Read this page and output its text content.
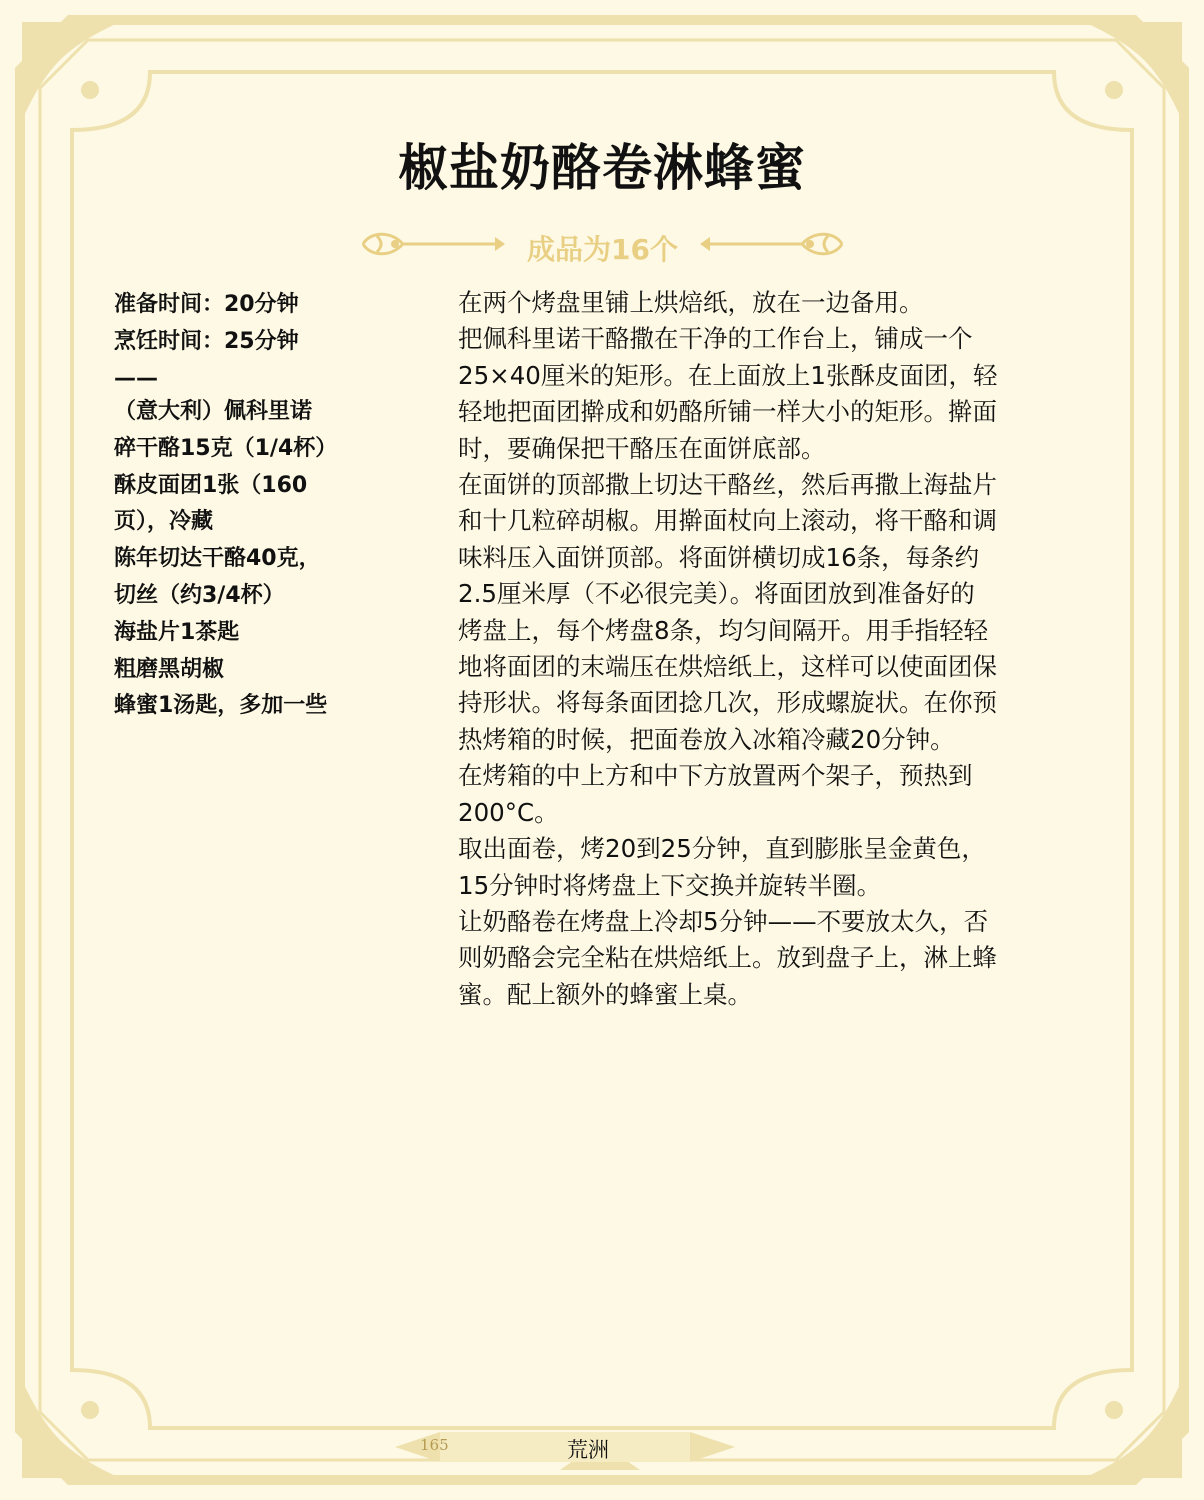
椒盐奶酪卷淋蜂蜜
成品为16个
准备时间：20分钟
烹饪时间：25分钟
——
（意大利）佩科里诺
碎干酪15克（1/4杯）
酥皮面团1张（160
页），冷藏
陈年切达干酪40克，
切丝（约3/4杯）
海盐片1茶匙
粗磨黑胡椒
蜂蜜1汤匙，多加一些
在两个烤盘里铺上烘焙纸，放在一边备用。
把佩科里诺干酪撒在干净的工作台上，铺成一个
25×40厘米的矩形。在上面放上1张酥皮面团，轻
轻地把面团擀成和奶酪所铺一样大小的矩形。擀面
时，要确保把干酪压在面饼底部。
在面饼的顶部撒上切达干酪丝，然后再撒上海盐片
和十几粒碎胡椒。用擀面杖向上滚动，将干酪和调
味料压入面饼顶部。将面饼横切成16条，每条约
2.5厘米厚（不必很完美）。将面团放到准备好的
烤盘上，每个烤盘8条，均匀间隔开。用手指轻轻
地将面团的末端压在烘焙纸上，这样可以使面团保
持形状。将每条面团捻几次，形成螺旋状。在你预
热烤箱的时候，把面卷放入冰箱冷藏20分钟。
在烤箱的中上方和中下方放置两个架子，预热到
200°C。
取出面卷，烤20到25分钟，直到膨胀呈金黄色，
15分钟时将烤盘上下交换并旋转半圈。
让奶酪卷在烤盘上冷却5分钟——不要放太久，否
则奶酪会完全粘在烘焙纸上。放到盘子上，淋上蜂
蜜。配上额外的蜂蜜上桌。
165	荒洲
